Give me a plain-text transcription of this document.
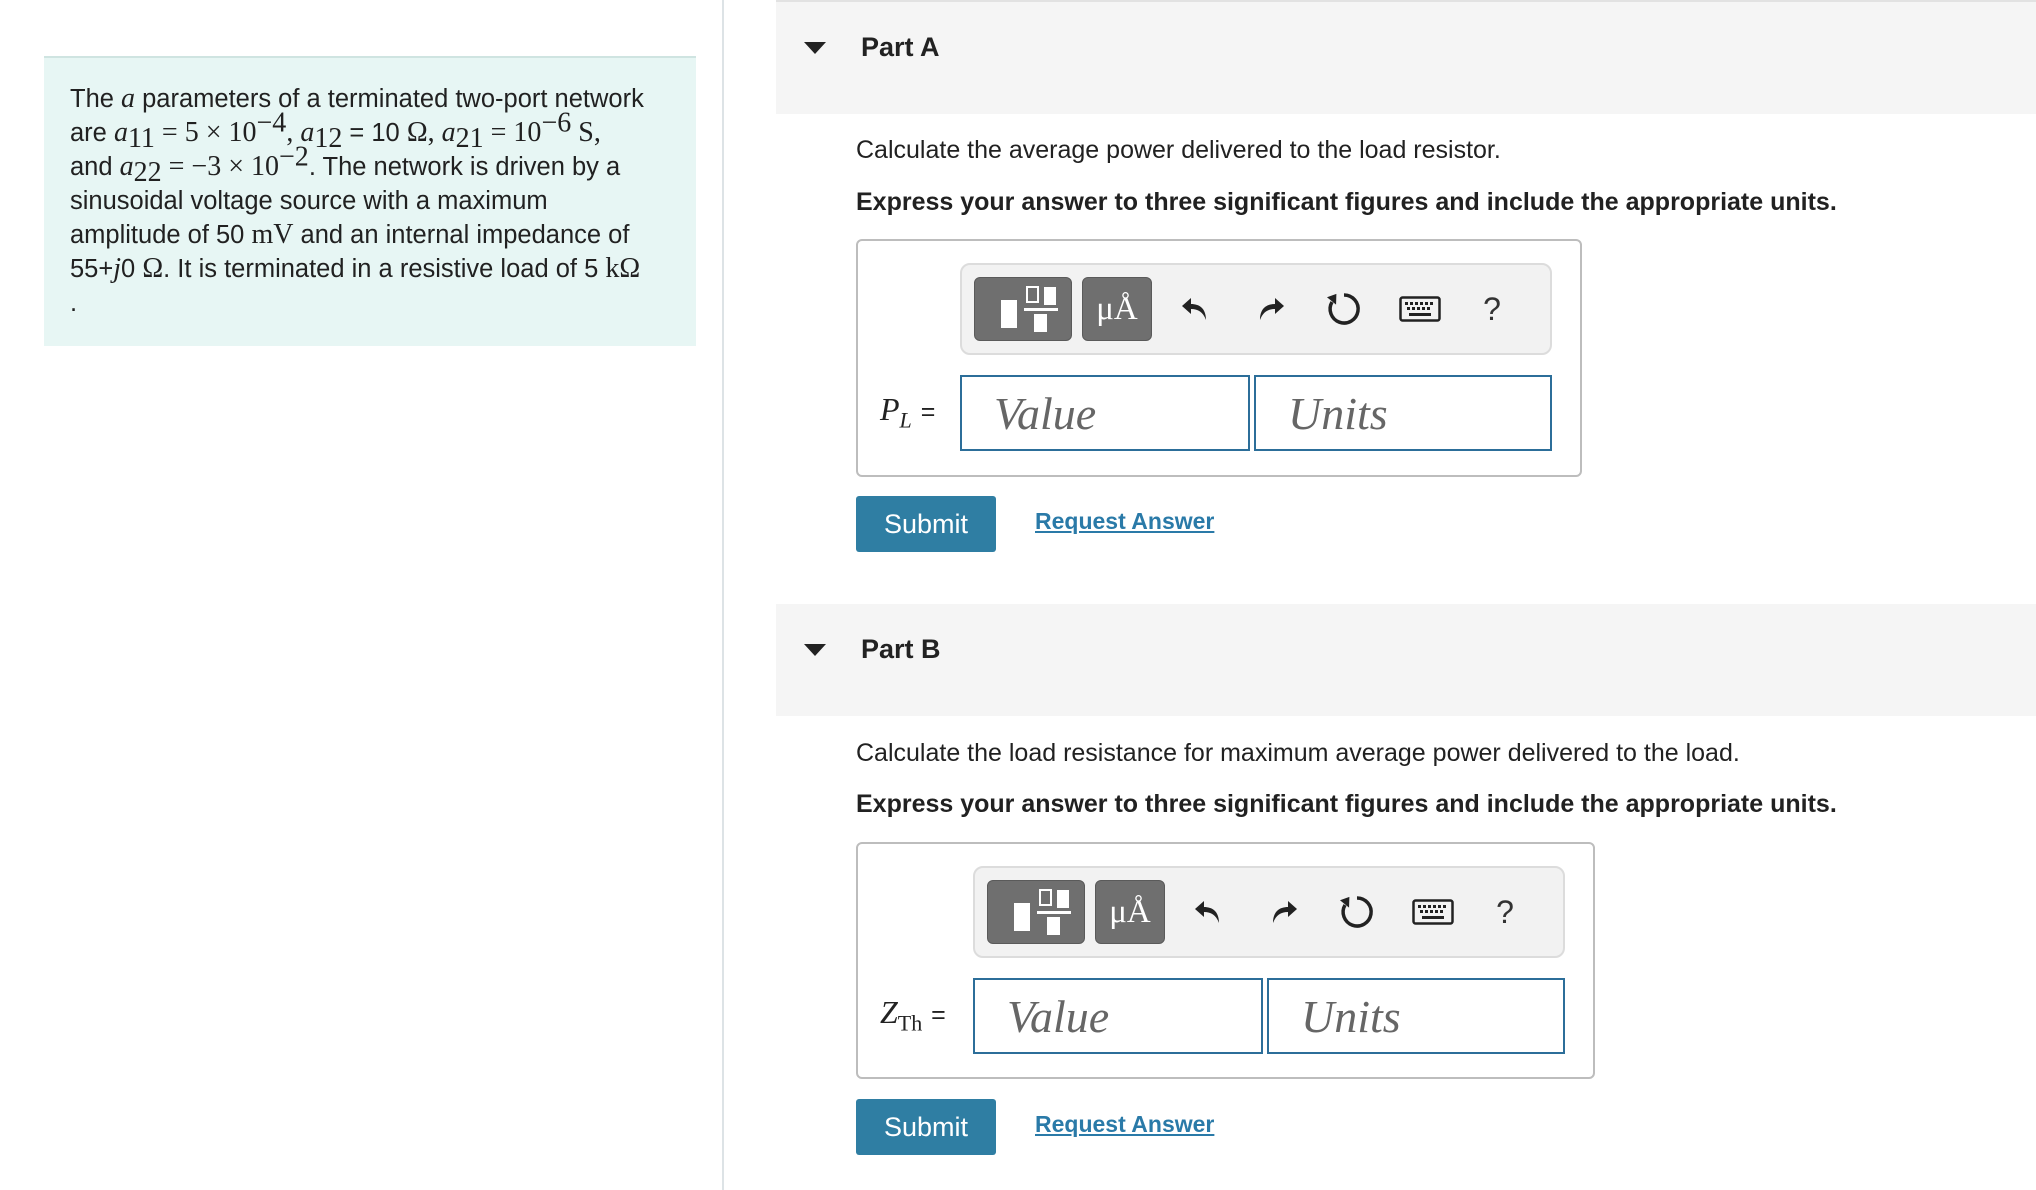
The a parameters of a terminated two-port network
are $a_{11} = 5 \times 10^{-4}$, $a_{12} = 10$ Ω, $a_{21} = 10^{-6}$ S,
and $a_{22} = -3 \times 10^{-2}$. The network is driven by a
sinusoidal voltage source with a maximum
amplitude of 50 mV and an internal impedance of
55+j0 Ω. It is terminated in a resistive load of 5 kΩ
.
Part A
Calculate the average power delivered to the load resistor.
Express your answer to three significant figures and include the appropriate units.
μÅ	?
$P_L$ =
Value
Units
Submit	Request Answer
Part B
Calculate the load resistance for maximum average power delivered to the load.
Express your answer to three significant figures and include the appropriate units.
μÅ	?
$Z_{Th}$ =
Value
Units
Submit	Request Answer
